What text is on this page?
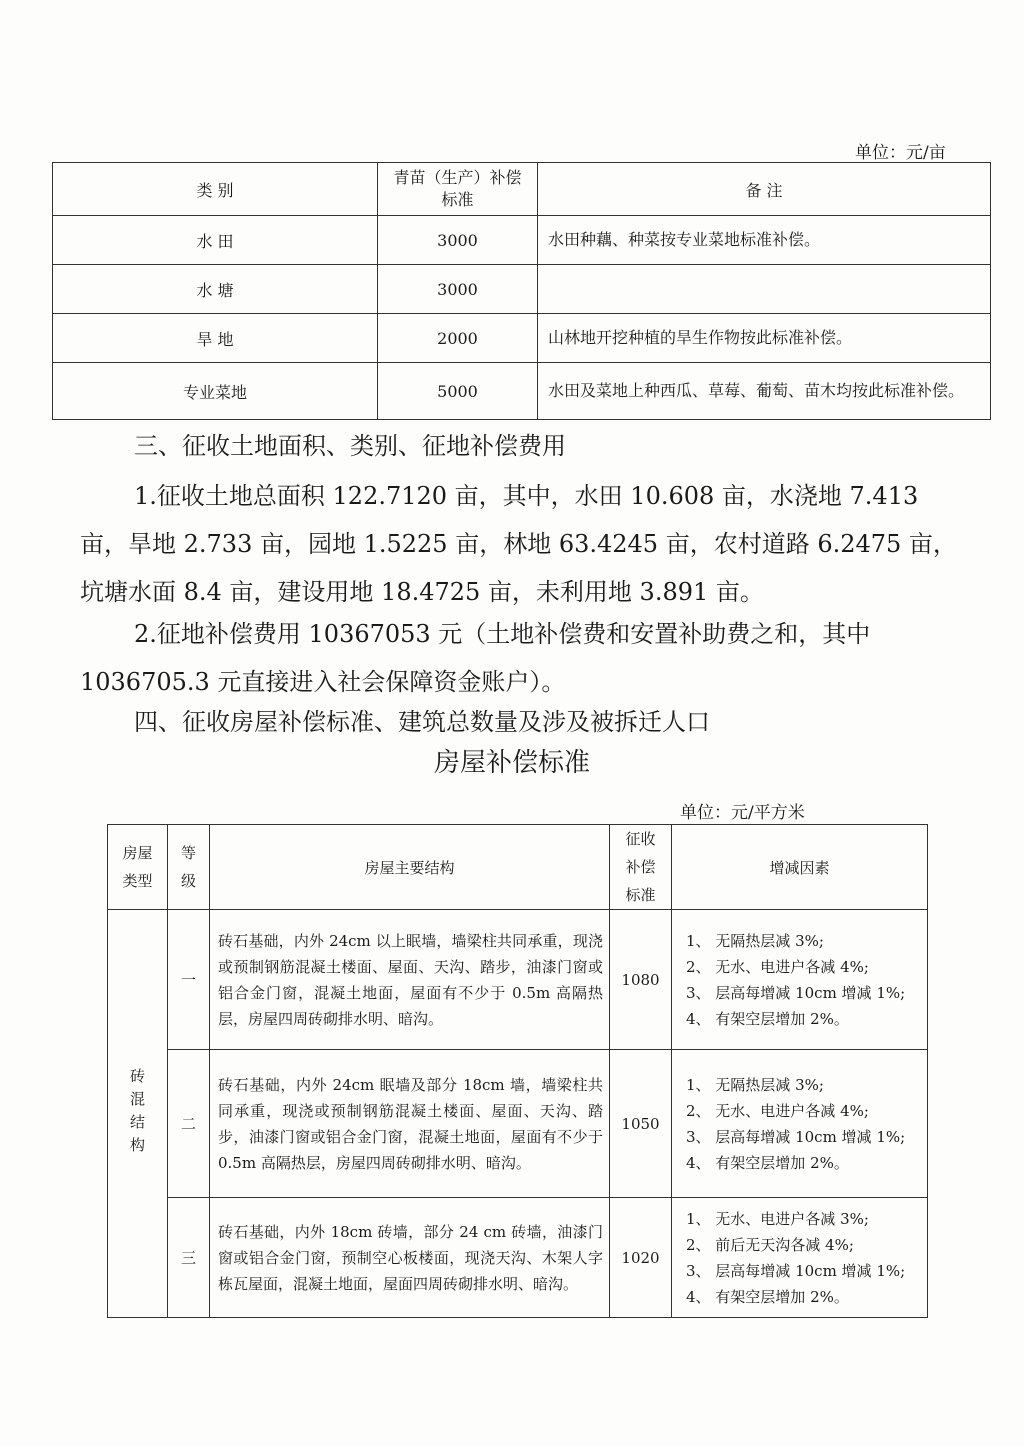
单位：元/亩
类 别	青苗（生产）补偿标准	备 注
水 田	3000	水田种藕、种菜按专业菜地标准补偿。
水 塘	3000	
旱 地	2000	山林地开挖种植的旱生作物按此标准补偿。
专业菜地	5000	水田及菜地上种西瓜、草莓、葡萄、苗木均按此标准补偿。
三、征收土地面积、类别、征地补偿费用
1.征收土地总面积 122.7120 亩，其中，水田 10.608 亩，水浇地 7.413 亩，旱地 2.733 亩，园地 1.5225 亩，林地 63.4245 亩，农村道路 6.2475 亩，坑塘水面 8.4 亩，建设用地 18.4725 亩，未利用地 3.891 亩。
2.征地补偿费用 10367053 元（土地补偿费和安置补助费之和，其中 1036705.3 元直接进入社会保障资金账户）。
四、征收房屋补偿标准、建筑总数量及涉及被拆迁人口
房屋补偿标准
单位：元/平方米
房屋类型	等级	房屋主要结构	征收补偿标准	增减因素

砖混结构	一	砖石基础，内外 24cm 以上眠墙，墙梁柱共同承重，现浇或预制钢筋混凝土楼面、屋面、天沟、踏步，油漆门窗或铝合金门窗，混凝土地面，屋面有不少于 0.5m 高隔热层，房屋四周砖砌排水明、暗沟。	1080	1、 无隔热层减 3%;
2、 无水、电进户各减 4%;
3、 层高每增减 10cm 增减 1%;
4、 有架空层增加 2%。

	二	砖石基础，内外 24cm 眠墙及部分 18cm 墙，墙梁柱共同承重，现浇或预制钢筋混凝土楼面、屋面、天沟、踏步，油漆门窗或铝合金门窗，混凝土地面，屋面有不少于 0.5m 高隔热层，房屋四周砖砌排水明、暗沟。	1050	1、 无隔热层减 3%;
2、 无水、电进户各减 4%;
3、 层高每增减 10cm 增减 1%;
4、 有架空层增加 2%。

	三	砖石基础，内外 18cm 砖墙，部分 24 cm 砖墙，油漆门窗或铝合金门窗，预制空心板楼面，现浇天沟、木架人字栋瓦屋面，混凝土地面，屋面四周砖砌排水明、暗沟。	1020	1、 无水、电进户各减 3%;
2、 前后无天沟各减 4%;
3、 层高每增减 10cm 增减 1%;
4、 有架空层增加 2%。
